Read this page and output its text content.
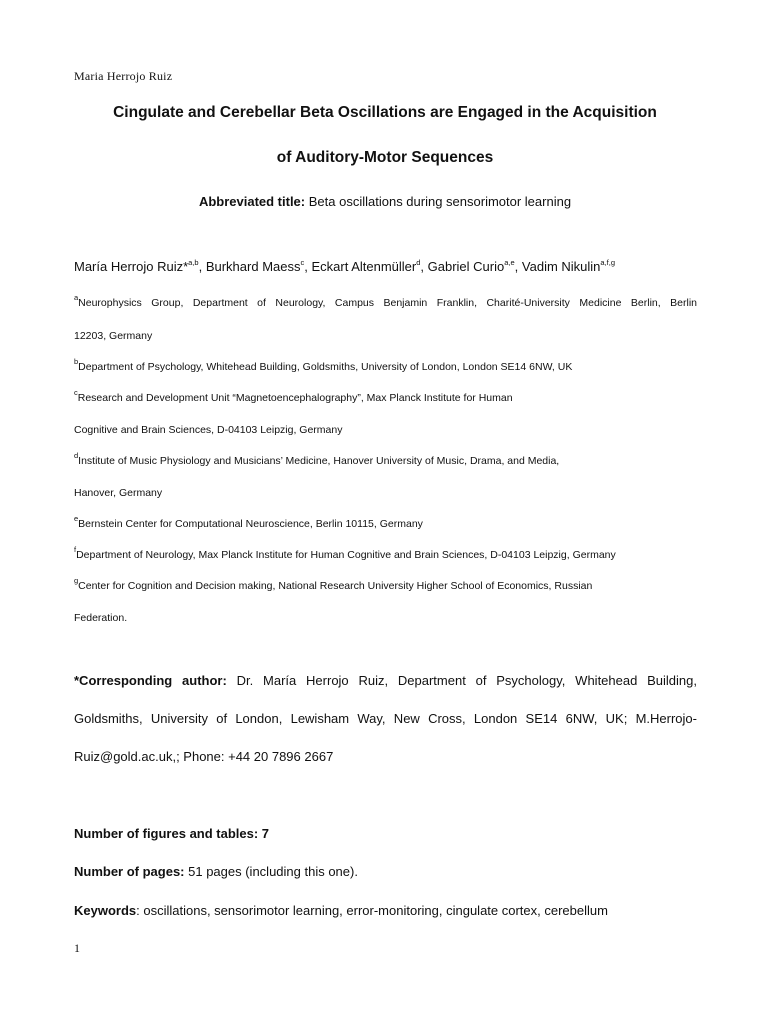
Maria Herrojo Ruiz
Cingulate and Cerebellar Beta Oscillations are Engaged in the Acquisition
of Auditory-Motor Sequences
Abbreviated title: Beta oscillations during sensorimotor learning
María Herrojo Ruiz*$^{a,b}$, Burkhard Maess$^c$, Eckart Altenmüller$^d$, Gabriel Curio$^{a,e}$, Vadim Nikulin$^{a,f,g}$
$^a$Neurophysics Group, Department of Neurology, Campus Benjamin Franklin, Charité-University Medicine Berlin, Berlin
12203, Germany
$^b$Department of Psychology, Whitehead Building, Goldsmiths, University of London, London SE14 6NW, UK
$^c$Research and Development Unit “Magnetoencephalography”, Max Planck Institute for Human
Cognitive and Brain Sciences, D-04103 Leipzig, Germany
$^d$Institute of Music Physiology and Musicians’ Medicine, Hanover University of Music, Drama, and Media,
Hanover, Germany
$^e$Bernstein Center for Computational Neuroscience, Berlin 10115, Germany
$^f$Department of Neurology, Max Planck Institute for Human Cognitive and Brain Sciences, D-04103 Leipzig, Germany
$^g$Center for Cognition and Decision making, National Research University Higher School of Economics, Russian
Federation.
*Corresponding author: Dr. María Herrojo Ruiz, Department of Psychology, Whitehead Building,
Goldsmiths, University of London, Lewisham Way, New Cross, London SE14 6NW, UK; M.Herrojo-
Ruiz@gold.ac.uk,; Phone: +44 20 7896 2667
Number of figures and tables: 7
Number of pages: 51 pages (including this one).
Keywords: oscillations, sensorimotor learning, error-monitoring, cingulate cortex, cerebellum
1
